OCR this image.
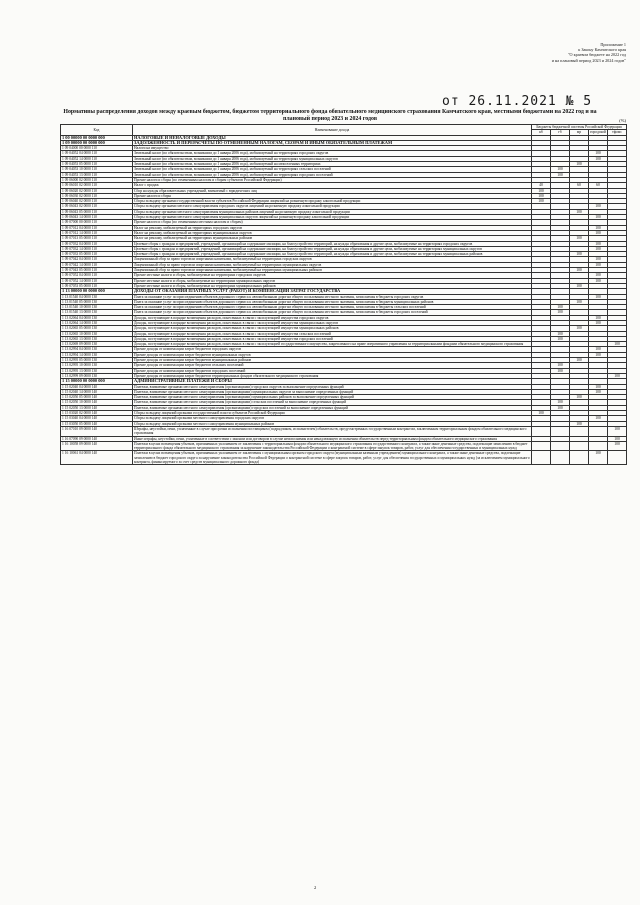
Приложение 1
к Закону Камчатского края
"О краевом бюджете на 2022 год
и на плановый период 2023 и 2024 годов"
от 26.11.2021 № 5
Нормативы распределения доходов между краевым бюджетом, бюджетом территориального фонда обязательного медицинского страхования Камчатского края, местными бюджетами на 2022 год и на плановый период 2023 и 2024 годов	(%)
Код	Наименование дохода	Бюджеты бюджетной системы Российской Федерации				
		кб	гб	мр	городской	тфомс
1 00 00000 00 0000 000	НАЛОГОВЫЕ И НЕНАЛОГОВЫЕ ДОХОДЫ					
1 09 00000 00 0000 000	ЗАДОЛЖЕННОСТЬ И ПЕРЕРАСЧЕТЫ ПО ОТМЕНЕННЫМ НАЛОГАМ, СБОРАМ И ИНЫМ ОБЯЗАТЕЛЬНЫМ ПЛАТЕЖАМ					
1 09 04000 00 0000 110	Налоги на имущество					
1 09 04052 04 0000 110	Земельный налог (по обязательствам, возникшим до 1 января 2006 года), мобилизуемый на территориях городских округов				100	
1 09 04052 14 0000 110	Земельный налог (по обязательствам, возникшим до 1 января 2006 года), мобилизуемый на территориях муниципальных округов				100	
1 09 04053 05 0000 110	Земельный налог (по обязательствам, возникшим до 1 января 2006 года), мобилизуемый на межселенных территориях			100		
1 09 04053 10 0000 110	Земельный налог (по обязательствам, возникшим до 1 января 2006 года), мобилизуемый на территориях сельских поселений		100			
1 09 04053 13 0000 110	Земельный налог (по обязательствам, возникшим до 1 января 2006 года), мобилизуемый на территориях городских поселений		100			
1 09 06000 02 0000 110	Прочие налоги и сборы (по отмененным налогам и сборам субъектов Российской Федерации)					
1 09 06010 02 0000 110	Налог с продаж	40		60	60	
1 09 06020 02 0000 110	Сбор на нужды образовательных учреждений, взимаемый с юридических лиц	100				
1 09 06030 02 0000 110	Прочие налоги и сборы	100				
1 09 06040 02 0000 110	Сборы за выдачу органами государственной власти субъектов Российской Федерации лицензий на розничную продажу алкогольной продукции	100				
1 09 06043 02 0000 110	Сборы за выдачу органами местного самоуправления городских округов лицензий на розничную продажу алкогольной продукции				100	
1 09 06043 05 0000 110	Сборы за выдачу органами местного самоуправления муниципальных районов лицензий на розничную продажу алкогольной продукции			100		
1 09 06043 14 0000 110	Сборы за выдачу органами местного самоуправления муниципальных округов лицензий на розничную продажу алкогольной продукции				100	
1 09 07000 00 0000 110	Прочие налоги и сборы (по отмененным местным налогам и сборам)					
1 09 07012 04 0000 110	Налог на рекламу, мобилизуемый на территориях городских округов				100	
1 09 07012 14 0000 110	Налог на рекламу, мобилизуемый на территориях муниципальных округов				100	
1 09 07013 05 0000 110	Налог на рекламу, мобилизуемый на территориях муниципальных районов			100		
1 09 07032 04 0000 110	Целевые сборы с граждан и предприятий, учреждений, организаций на содержание милиции, на благоустройство территорий, на нужды образования и другие цели, мобилизуемые на территориях городских округов				100	
1 09 07032 14 0000 110	Целевые сборы с граждан и предприятий, учреждений, организаций на содержание милиции, на благоустройство территорий, на нужды образования и другие цели, мобилизуемые на территориях муниципальных округов				100	
1 09 07033 05 0000 110	Целевые сборы с граждан и предприятий, учреждений, организаций на содержание милиции, на благоустройство территорий, на нужды образования и другие цели, мобилизуемые на территориях муниципальных районов			100		
1 09 07042 04 0000 110	Лицензионный сбор за право торговли спиртными напитками, мобилизуемый на территориях городских округов				100	
1 09 07042 14 0000 110	Лицензионный сбор за право торговли спиртными напитками, мобилизуемый на территориях муниципальных округов				100	
1 09 07043 05 0000 110	Лицензионный сбор за право торговли спиртными напитками, мобилизуемый на территориях муниципальных районов			100		
1 09 07052 04 0000 110	Прочие местные налоги и сборы, мобилизуемые на территориях городских округов				100	
1 09 07052 14 0000 110	Прочие местные налоги и сборы, мобилизуемые на территориях муниципальных округов				100	
1 09 07053 05 0000 110	Прочие местные налоги и сборы, мобилизуемые на территориях муниципальных районов			100		
1 13 00000 00 0000 000	ДОХОДЫ ОТ ОКАЗАНИЯ ПЛАТНЫХ УСЛУГ (РАБОТ) И КОМПЕНСАЦИИ ЗАТРАТ ГОСУДАРСТВА					
1 13 01540 04 0000 130	Плата за оказание услуг по присоединению объектов дорожного сервиса к автомобильным дорогам общего пользования местного значения, зачисляемая в бюджеты городских округов				100	
1 13 01540 05 0000 130	Плата за оказание услуг по присоединению объектов дорожного сервиса к автомобильным дорогам общего пользования местного значения, зачисляемая в бюджеты муниципальных районов			100		
1 13 01540 10 0000 130	Плата за оказание услуг по присоединению объектов дорожного сервиса к автомобильным дорогам общего пользования местного значения, зачисляемая в бюджеты сельских поселений		100			
1 13 01540 13 0000 130	Плата за оказание услуг по присоединению объектов дорожного сервиса к автомобильным дорогам общего пользования местного значения, зачисляемая в бюджеты городских поселений		100			
1 13 02064 04 0000 130	Доходы, поступающие в порядке возмещения расходов, понесенных в связи с эксплуатацией имущества городских округов				100	
1 13 02064 14 0000 130	Доходы, поступающие в порядке возмещения расходов, понесенных в связи с эксплуатацией имущества муниципальных округов				100	
1 13 02065 05 0000 130	Доходы, поступающие в порядке возмещения расходов, понесенных в связи с эксплуатацией имущества муниципальных районов			100		
1 13 02065 10 0000 130	Доходы, поступающие в порядке возмещения расходов, понесенных в связи с эксплуатацией имущества сельских поселений		100			
1 13 02065 13 0000 130	Доходы, поступающие в порядке возмещения расходов, понесенных в связи с эксплуатацией имущества городских поселений		100			
1 13 02069 09 0000 130	Доходы, поступающие в порядке возмещения расходов, понесенных в связи с эксплуатацией государственного имущества, закрепленного на праве оперативного управления за территориальными фондами обязательного медицинского страхования					100
1 13 02994 04 0000 130	Прочие доходы от компенсации затрат бюджетов городских округов				100	
1 13 02994 14 0000 130	Прочие доходы от компенсации затрат бюджетов муниципальных округов				100	
1 13 02995 05 0000 130	Прочие доходы от компенсации затрат бюджетов муниципальных районов			100		
1 13 02995 10 0000 130	Прочие доходы от компенсации затрат бюджетов сельских поселений		100			
1 13 02995 13 0000 130	Прочие доходы от компенсации затрат бюджетов городских поселений		100			
1 13 02999 09 0000 130	Прочие доходы от компенсации затрат бюджетов территориальных фондов обязательного медицинского страхования					100
1 15 00000 00 0000 000	АДМИНИСТРАТИВНЫЕ ПЛАТЕЖИ И СБОРЫ					
1 15 02040 04 0000 140	Платежи, взимаемые органами местного самоуправления (организациями) городских округов за выполнение определенных функций				100	
1 15 02040 14 0000 140	Платежи, взимаемые органами местного самоуправления (организациями) муниципальных округов за выполнение определенных функций				100	
1 15 02050 05 0000 140	Платежи, взимаемые органами местного самоуправления (организациями) муниципальных районов за выполнение определенных функций			100		
1 15 02050 10 0000 140	Платежи, взимаемые органами местного самоуправления (организациями) сельских поселений за выполнение определенных функций		100			
1 15 02050 13 0000 140	Платежи, взимаемые органами местного самоуправления (организациями) городских поселений за выполнение определенных функций		100			
1 15 03020 02 0000 140	Сборы за выдачу лицензий органами государственной власти субъектов Российской Федерации	100				
1 15 03040 04 0000 140	Сборы за выдачу лицензий органами местного самоуправления городских округов				100	
1 15 03050 05 0000 140	Сборы за выдачу лицензий органами местного самоуправления муниципальных районов			100		
1 16 07010 09 0000 140	Штрафы, неустойки, пени, уплаченные в случае просрочки исполнения поставщиком (подрядчиком, исполнителем) обязательств, предусмотренных государственным контрактом, заключенным территориальным фондом обязательного медицинского страхования					100
1 16 07090 09 0000 140	Иные штрафы, неустойки, пени, уплаченные в соответствии с законом или договором в случае неисполнения или ненадлежащего исполнения обязательств перед территориальным фондом обязательного медицинского страхования					100
1 16 10058 09 0000 140	Платежи в целях возмещения убытков, причиненных уклонением от заключения с территориальным фондом обязательного медицинского страхования государственного контракта, а также иные денежные средства, подлежащие зачислению в бюджет территориального фонда обязательного медицинского страхования за нарушение законодательства Российской Федерации о контрактной системе в сфере закупок товаров, работ, услуг для обеспечения государственных и муниципальных нужд					100
1 16 10061 04 0000 140	Платежи в целях возмещения убытков, причиненных уклонением от заключения с муниципальным органом городского округа (муниципальным казенным учреждением) муниципального контракта, а также иные денежные средства, подлежащие зачислению в бюджет городского округа за нарушение законодательства Российской Федерации о контрактной системе в сфере закупок товаров, работ, услуг для обеспечения государственных и муниципальных нужд (за исключением муниципального контракта, финансируемого за счет средств муниципального дорожного фонда)				100	
2
